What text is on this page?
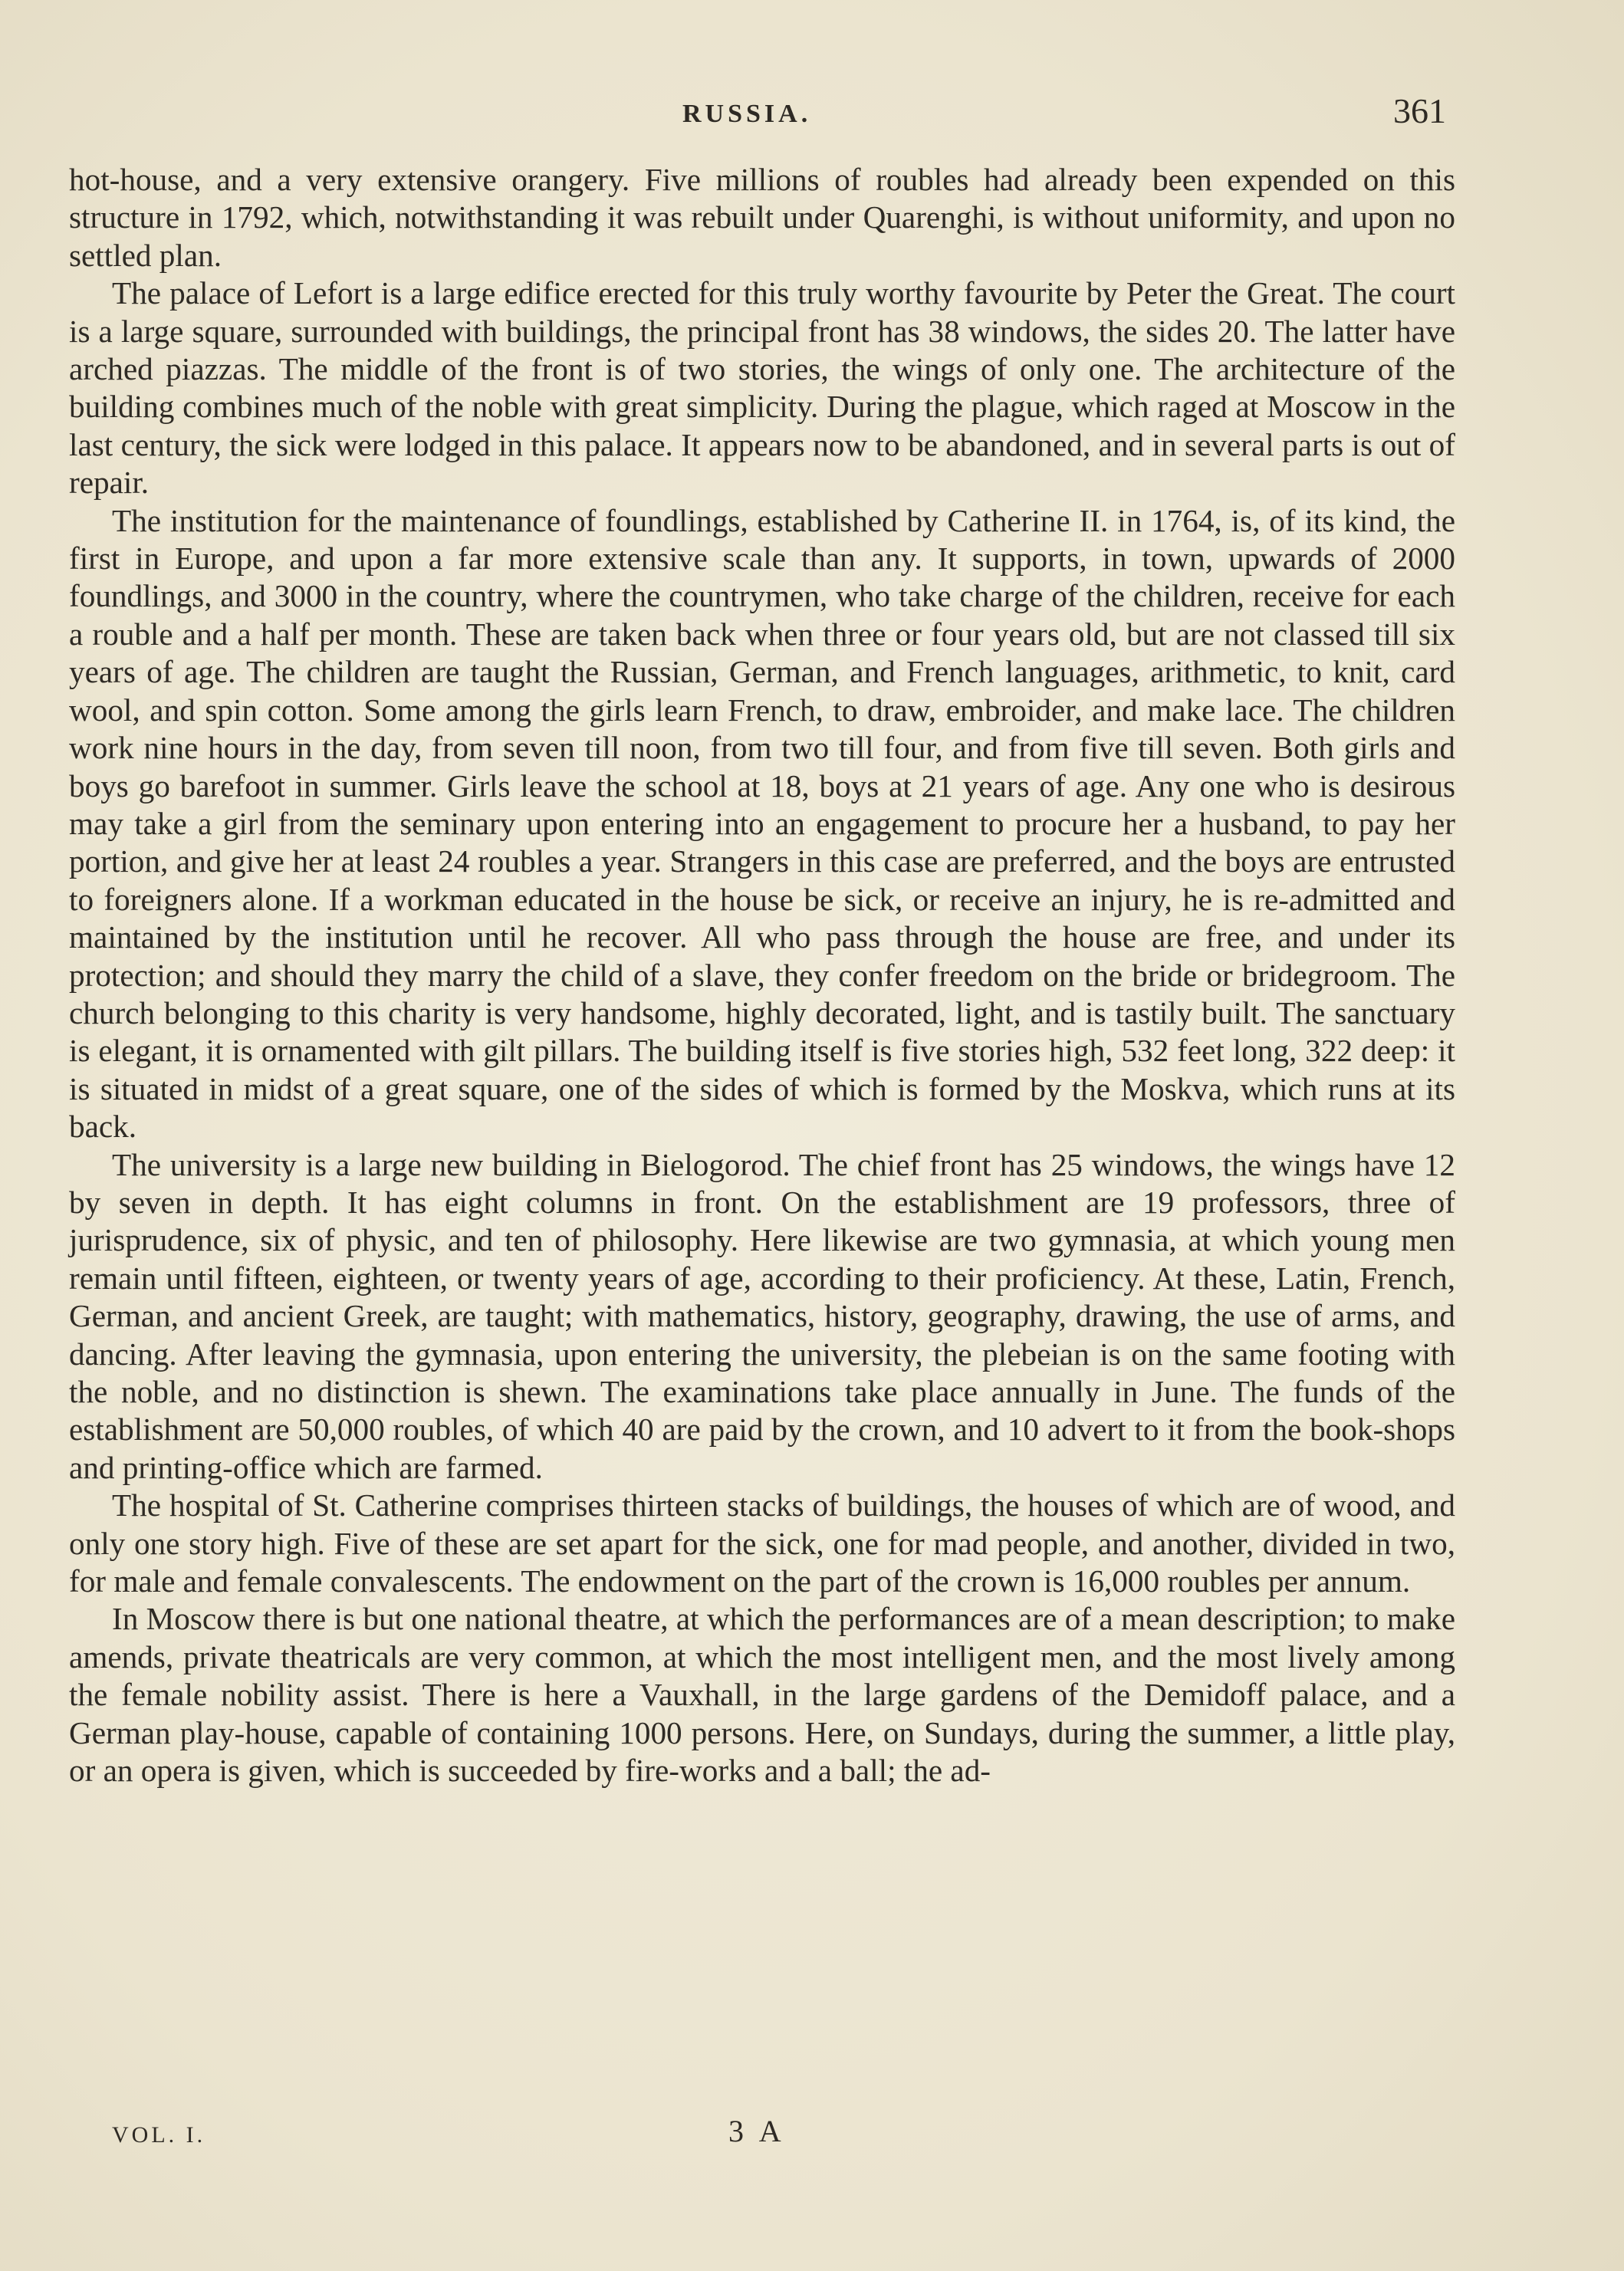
RUSSIA.	361

hot-house, and a very extensive orangery. Five millions of roubles had already been expended on this structure in 1792, which, notwithstanding it was rebuilt under Quarenghi, is without uniformity, and upon no settled plan.

The palace of Lefort is a large edifice erected for this truly worthy favourite by Peter the Great. The court is a large square, surrounded with buildings, the principal front has 38 windows, the sides 20. The latter have arched piazzas. The middle of the front is of two stories, the wings of only one. The architecture of the building combines much of the noble with great simplicity. During the plague, which raged at Moscow in the last century, the sick were lodged in this palace. It appears now to be abandoned, and in several parts is out of repair.

The institution for the maintenance of foundlings, established by Catherine II. in 1764, is, of its kind, the first in Europe, and upon a far more extensive scale than any. It supports, in town, upwards of 2000 foundlings, and 3000 in the country, where the countrymen, who take charge of the children, receive for each a rouble and a half per month. These are taken back when three or four years old, but are not classed till six years of age. The children are taught the Russian, German, and French languages, arithmetic, to knit, card wool, and spin cotton. Some among the girls learn French, to draw, embroider, and make lace. The children work nine hours in the day, from seven till noon, from two till four, and from five till seven. Both girls and boys go barefoot in summer. Girls leave the school at 18, boys at 21 years of age. Any one who is desirous may take a girl from the seminary upon entering into an engagement to procure her a husband, to pay her portion, and give her at least 24 roubles a year. Strangers in this case are preferred, and the boys are entrusted to foreigners alone. If a workman educated in the house be sick, or receive an injury, he is re-admitted and maintained by the institution until he recover. All who pass through the house are free, and under its protection; and should they marry the child of a slave, they confer freedom on the bride or bridegroom. The church belonging to this charity is very handsome, highly decorated, light, and is tastily built. The sanctuary is elegant, it is ornamented with gilt pillars. The building itself is five stories high, 532 feet long, 322 deep: it is situated in midst of a great square, one of the sides of which is formed by the Moskva, which runs at its back.

The university is a large new building in Bielogorod. The chief front has 25 windows, the wings have 12 by seven in depth. It has eight columns in front. On the establishment are 19 professors, three of jurisprudence, six of physic, and ten of philosophy. Here likewise are two gymnasia, at which young men remain until fifteen, eighteen, or twenty years of age, according to their proficiency. At these, Latin, French, German, and ancient Greek, are taught; with mathematics, history, geography, drawing, the use of arms, and dancing. After leaving the gymnasia, upon entering the university, the plebeian is on the same footing with the noble, and no distinction is shewn. The examinations take place annually in June. The funds of the establishment are 50,000 roubles, of which 40 are paid by the crown, and 10 advert to it from the book-shops and printing-office which are farmed.

The hospital of St. Catherine comprises thirteen stacks of buildings, the houses of which are of wood, and only one story high. Five of these are set apart for the sick, one for mad people, and another, divided in two, for male and female convalescents. The endowment on the part of the crown is 16,000 roubles per annum.

In Moscow there is but one national theatre, at which the performances are of a mean description; to make amends, private theatricals are very common, at which the most intelligent men, and the most lively among the female nobility assist. There is here a Vauxhall, in the large gardens of the Demidoff palace, and a German play-house, capable of containing 1000 persons. Here, on Sundays, during the summer, a little play, or an opera is given, which is succeeded by fire-works and a ball; the ad-

VOL. I.	3 A
